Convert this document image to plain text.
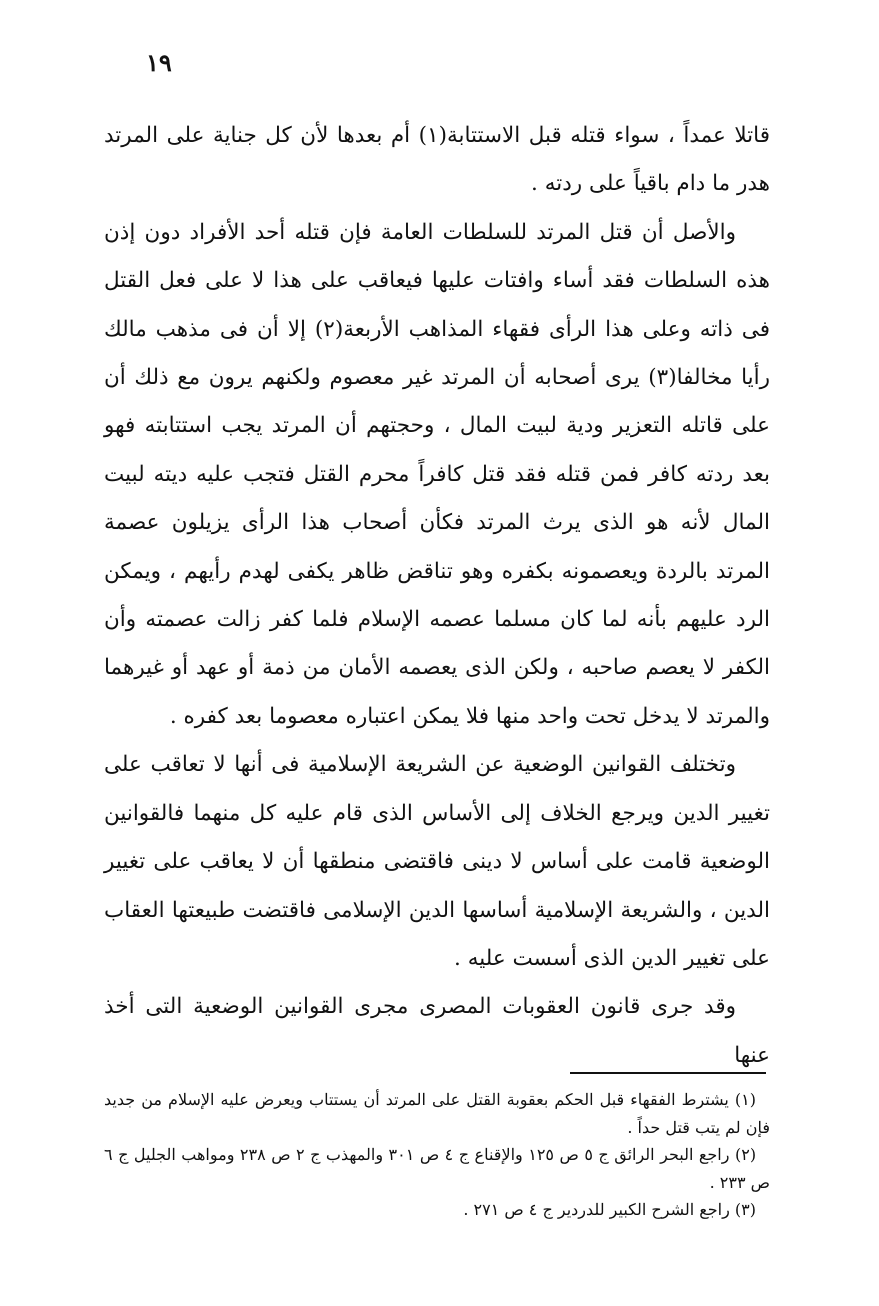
١٩

قاتلا عمداً ، سواء قتله قبل الاستتابة(١) أم بعدها لأن كل جناية على المرتد هدر ما دام باقياً على ردته .

والأصل أن قتل المرتد للسلطات العامة فإن قتله أحد الأفراد دون إذن هذه السلطات فقد أساء وافتات عليها فيعاقب على هذا لا على فعل القتل فى ذاته وعلى هذا الرأى فقهاء المذاهب الأربعة(٢) إلا أن فى مذهب مالك رأيا مخالفا(٣) يرى أصحابه أن المرتد غير معصوم ولكنهم يرون مع ذلك أن على قاتله التعزير ودية لبيت المال ، وحجتهم أن المرتد يجب استتابته فهو بعد ردته كافر فمن قتله فقد قتل كافراً محرم القتل فتجب عليه ديته لبيت المال لأنه هو الذى يرث المرتد فكأن أصحاب هذا الرأى يزيلون عصمة المرتد بالردة ويعصمونه بكفره وهو تناقض ظاهر يكفى لهدم رأيهم ، ويمكن الرد عليهم بأنه لما كان مسلما عصمه الإسلام فلما كفر زالت عصمته وأن الكفر لا يعصم صاحبه ، ولكن الذى يعصمه الأمان من ذمة أو عهد أو غيرهما والمرتد لا يدخل تحت واحد منها فلا يمكن اعتباره معصوما بعد كفره .

وتختلف القوانين الوضعية عن الشريعة الإسلامية فى أنها لا تعاقب على تغيير الدين ويرجع الخلاف إلى الأساس الذى قام عليه كل منهما فالقوانين الوضعية قامت على أساس لا دينى فاقتضى منطقها أن لا يعاقب على تغيير الدين ، والشريعة الإسلامية أساسها الدين الإسلامى فاقتضت طبيعتها العقاب على تغيير الدين الذى أسست عليه .

وقد جرى قانون العقوبات المصرى مجرى القوانين الوضعية التى أخذ عنها

(١) يشترط الفقهاء قبل الحكم بعقوبة القتل على المرتد أن يستتاب ويعرض عليه الإسلام من جديد فإن لم يتب قتل حداً .

(٢) راجع البحر الرائق ج ٥ ص ١٢٥ والإقناع ج ٤ ص ٣٠١ والمهذب ج ٢ ص ٢٣٨ ومواهب الجليل ج ٦ ص ٢٣٣ .

(٣) راجع الشرح الكبير للدردير ج ٤ ص ٢٧١ .
